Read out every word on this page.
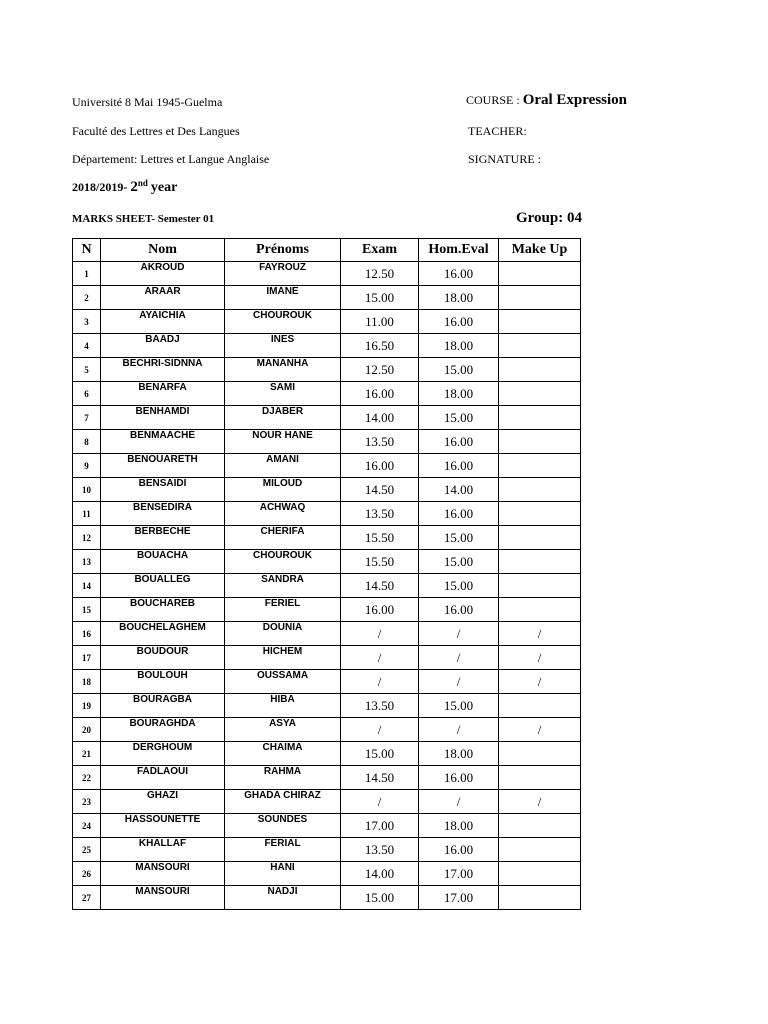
Université 8 Mai 1945-Guelma	COURSE : Oral Expression
Faculté des Lettres et Des Langues	TEACHER:
Département: Lettres et Langue Anglaise	SIGNATURE :
2018/2019- 2nd year
MARKS SHEET- Semester 01	Group: 04
N	Nom	Prénoms	Exam	Hom.Eval	Make Up
1	AKROUD	FAYROUZ	12.50	16.00	
2	ARAAR	IMANE	15.00	18.00	
3	AYAICHIA	CHOUROUK	11.00	16.00	
4	BAADJ	INES	16.50	18.00	
5	BECHRI-SIDNNA	MANANHA	12.50	15.00	
6	BENARFA	SAMI	16.00	18.00	
7	BENHAMDI	DJABER	14.00	15.00	
8	BENMAACHE	NOUR HANE	13.50	16.00	
9	BENOUARETH	AMANI	16.00	16.00	
10	BENSAIDI	MILOUD	14.50	14.00	
11	BENSEDIRA	ACHWAQ	13.50	16.00	
12	BERBECHE	CHERIFA	15.50	15.00	
13	BOUACHA	CHOUROUK	15.50	15.00	
14	BOUALLEG	SANDRA	14.50	15.00	
15	BOUCHAREB	FERIEL	16.00	16.00	
16	BOUCHELAGHEM	DOUNIA	/	/	/
17	BOUDOUR	HICHEM	/	/	/
18	BOULOUH	OUSSAMA	/	/	/
19	BOURAGBA	HIBA	13.50	15.00	
20	BOURAGHDA	ASYA	/	/	/
21	DERGHOUM	CHAIMA	15.00	18.00	
22	FADLAOUI	RAHMA	14.50	16.00	
23	GHAZI	GHADA CHIRAZ	/	/	/
24	HASSOUNETTE	SOUNDES	17.00	18.00	
25	KHALLAF	FERIAL	13.50	16.00	
26	MANSOURI	HANI	14.00	17.00	
27	MANSOURI	NADJI	15.00	17.00	
